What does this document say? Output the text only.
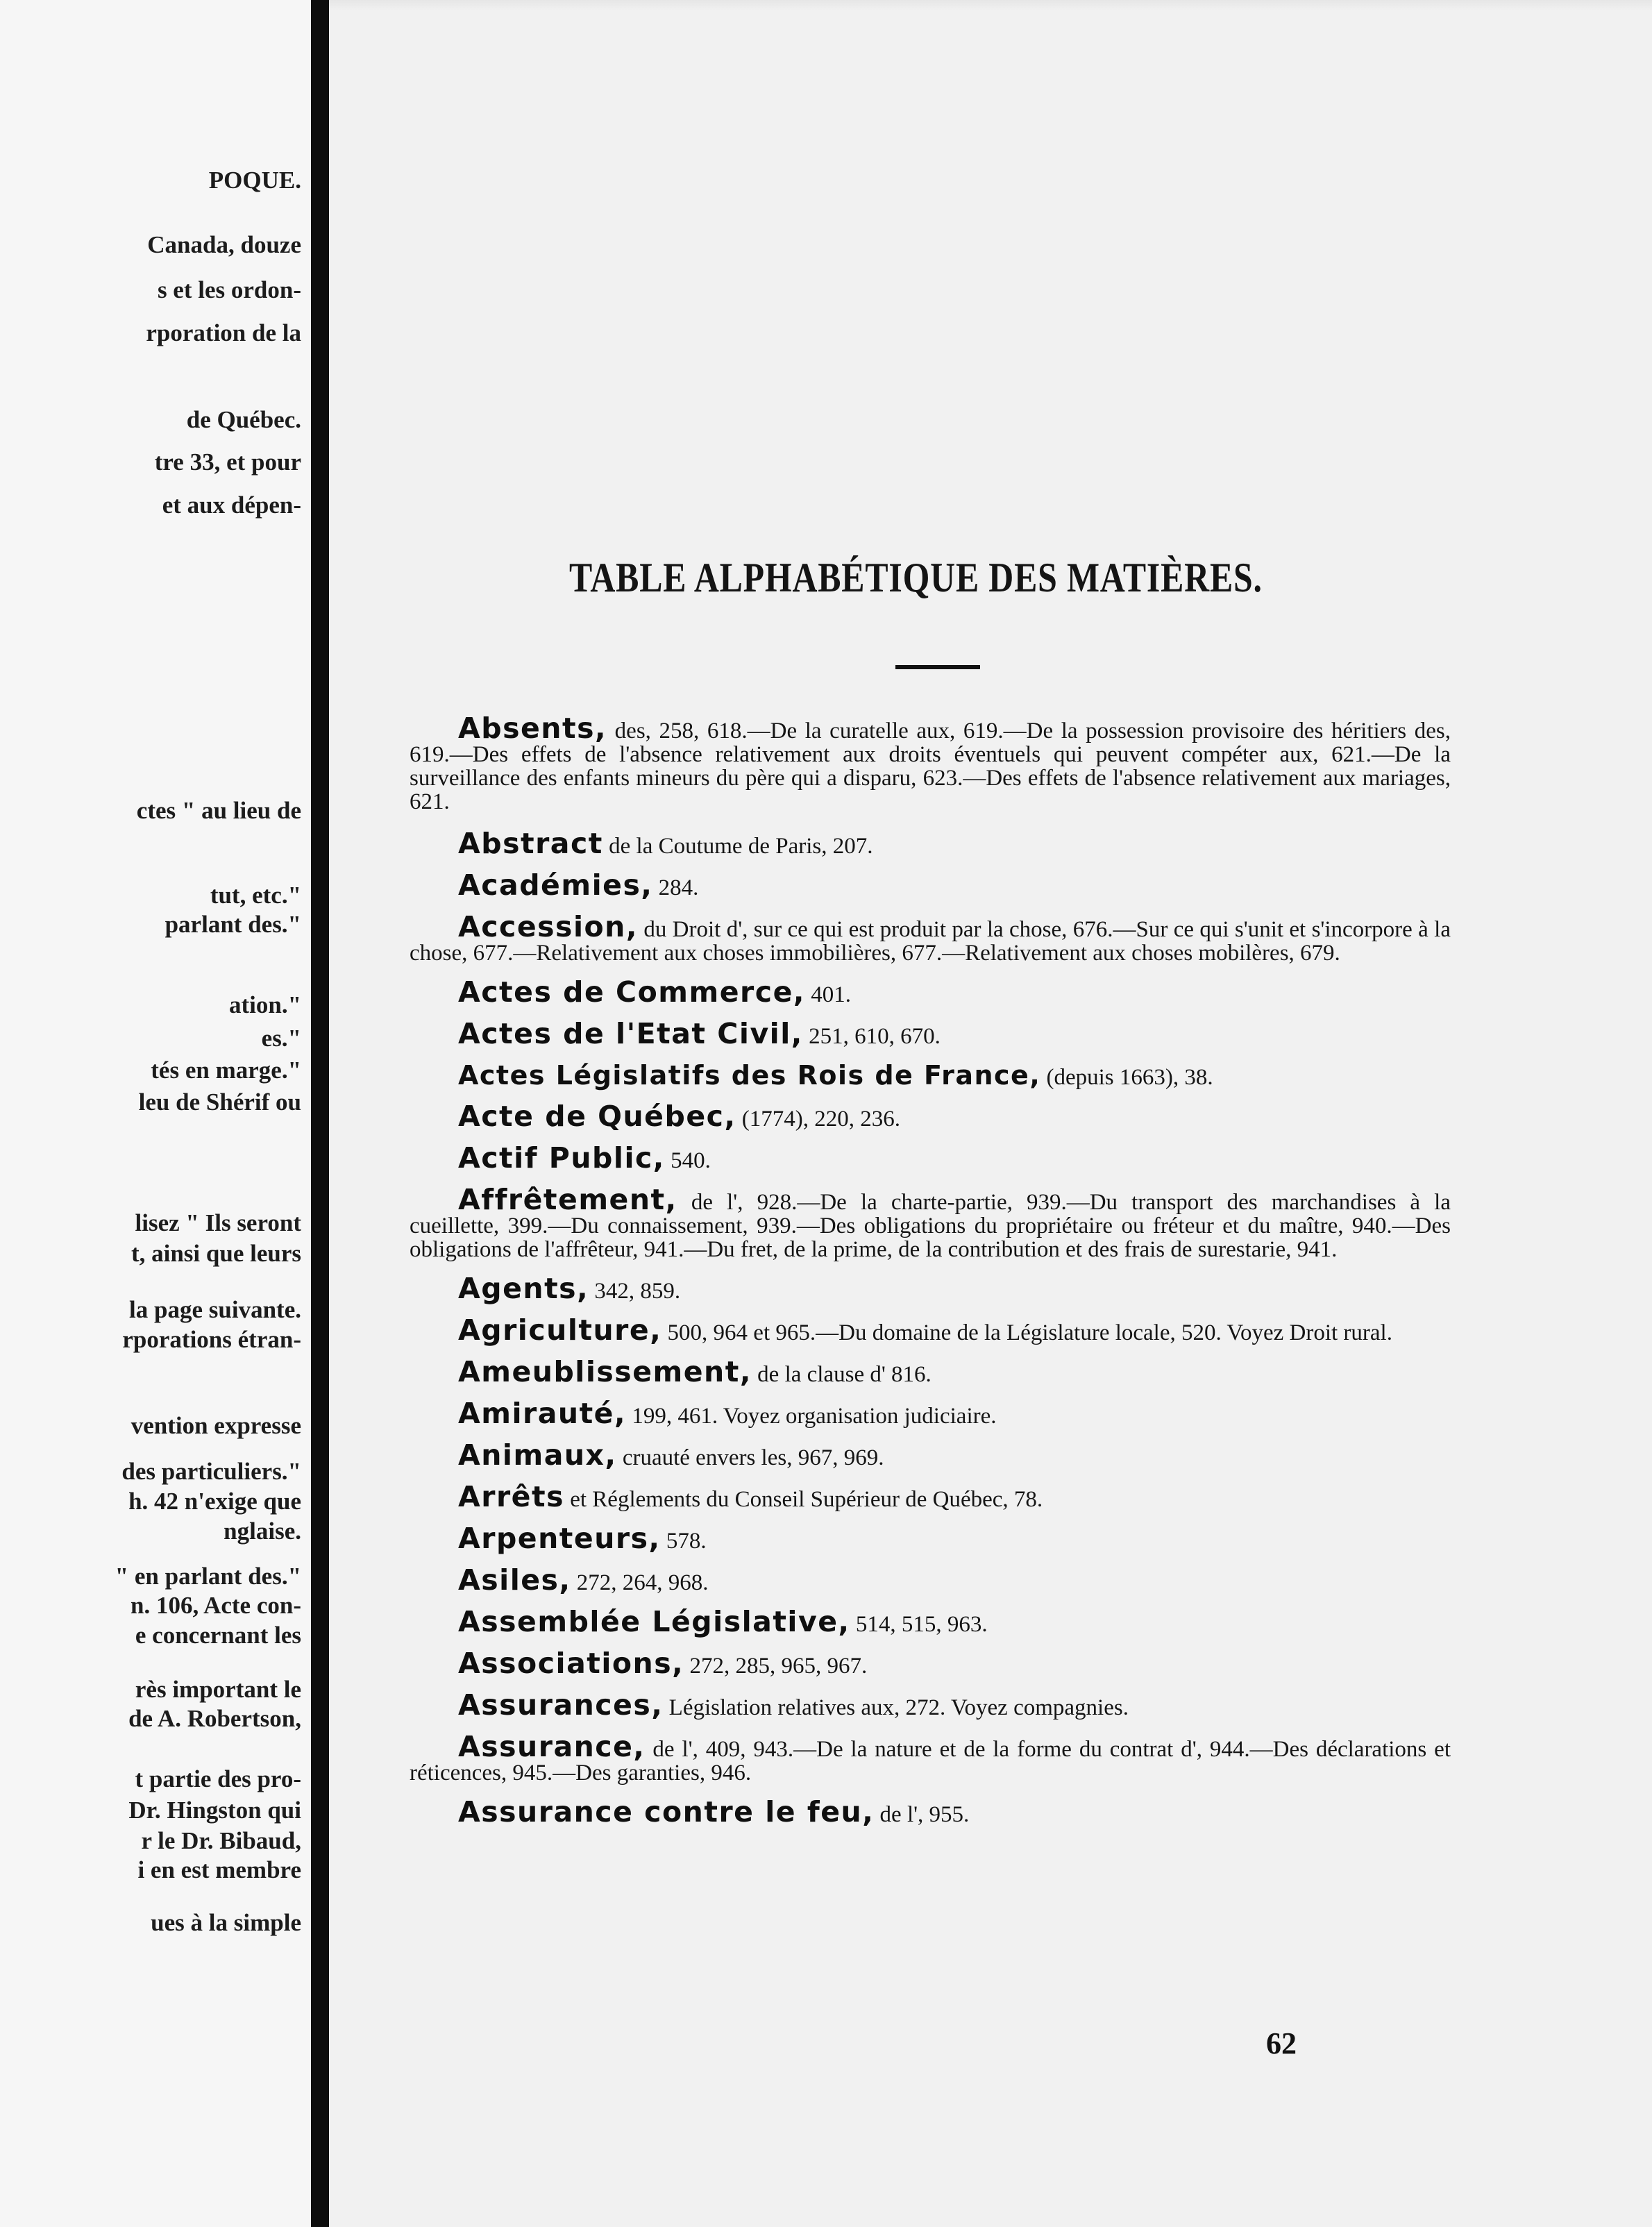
POQUE.
Canada, douze
s et les ordon-
rporation de la
de Québec.
tre 33, et pour
et aux dépen-
ctes " au lieu de
tut, etc."
parlant des."
ation."
es."
tés en marge."
leu de Shérif ou
lisez " Ils seront
t, ainsi que leurs
la page suivante.
rporations étran-
vention expresse
des particuliers."
h. 42 n'exige que
nglaise.
" en parlant des."
n. 106, Acte con-
e concernant les
rès important le
de A. Robertson,
t partie des pro-
Dr. Hingston qui
r le Dr. Bibaud,
i en est membre
ues à la simple
TABLE ALPHABÉTIQUE DES MATIÈRES.
Absents, des, 258, 618.—De la curatelle aux, 619.—De la possession provisoire des héritiers des, 619.—Des effets de l'absence relativement aux droits éventuels qui peuvent compéter aux, 621.—De la surveillance des enfants mineurs du père qui a disparu, 623.—Des effets de l'absence relativement aux mariages, 621.
Abstract de la Coutume de Paris, 207.
Académies, 284.
Accession, du Droit d', sur ce qui est produit par la chose, 676.—Sur ce qui s'unit et s'incorpore à la chose, 677.—Relativement aux choses immobilières, 677.—Relativement aux choses mobilères, 679.
Actes de Commerce, 401.
Actes de l'Etat Civil, 251, 610, 670.
Actes Législatifs des Rois de France, (depuis 1663), 38.
Acte de Québec, (1774), 220, 236.
Actif Public, 540.
Affrêtement, de l', 928.—De la charte-partie, 939.—Du transport des marchandises à la cueillette, 399.—Du connaissement, 939.—Des obligations du propriétaire ou fréteur et du maître, 940.—Des obligations de l'affrêteur, 941.—Du fret, de la prime, de la contribution et des frais de surestarie, 941.
Agents, 342, 859.
Agriculture, 500, 964 et 965.—Du domaine de la Législature locale, 520. Voyez Droit rural.
Ameublissement, de la clause d' 816.
Amirauté, 199, 461. Voyez organisation judiciaire.
Animaux, cruauté envers les, 967, 969.
Arrêts et Réglements du Conseil Supérieur de Québec, 78.
Arpenteurs, 578.
Asiles, 272, 264, 968.
Assemblée Législative, 514, 515, 963.
Associations, 272, 285, 965, 967.
Assurances, Législation relatives aux, 272. Voyez compagnies.
Assurance, de l', 409, 943.—De la nature et de la forme du contrat d', 944.—Des déclarations et réticences, 945.—Des garanties, 946.
Assurance contre le feu, de l', 955.
62
